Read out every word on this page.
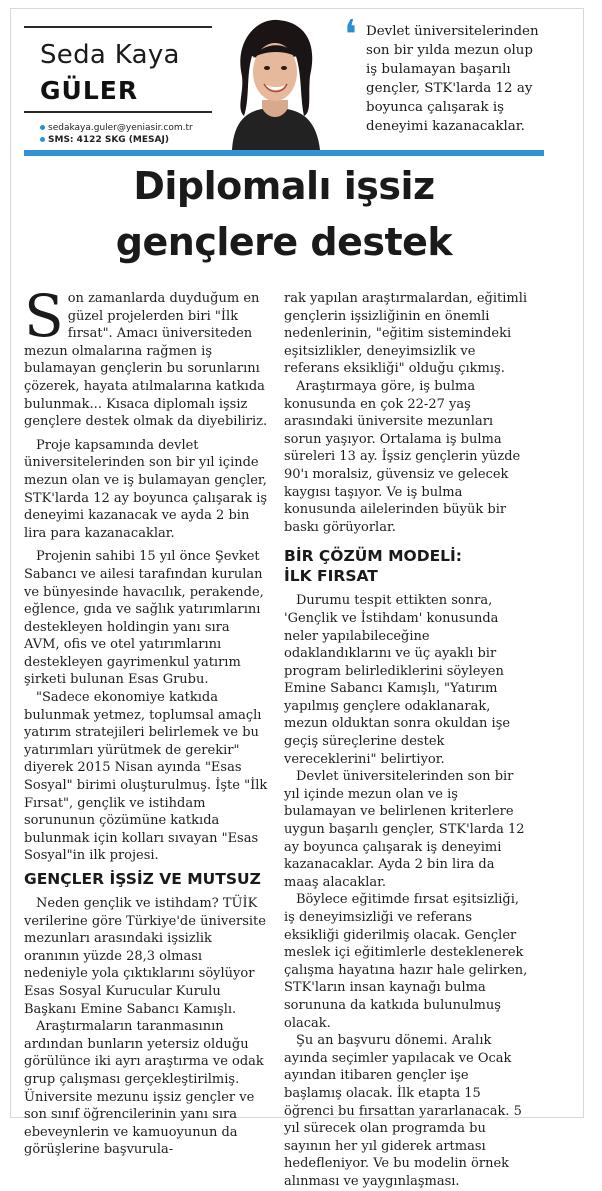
Seda Kaya
GÜLER
sedakaya.guler@yeniasir.com.tr
SMS: 4122 SKG (MESAJ)
❛ Devlet üniversitelerinden son bir yılda mezun olup iş bulamayan başarılı gençler, STK'larda 12 ay boyunca çalışarak iş deneyimi kazanacaklar.
Diplomalı işsiz
gençlere destek
S on zamanlarda duyduğum en güzel projelerden biri "İlk fırsat". Amacı üniversiteden mezun olmalarına rağmen iş bulamayan gençlerin bu sorunlarını çözerek, hayata atılmalarına katkıda bulunmak... Kısaca diplomalı işsiz gençlere destek olmak da diyebiliriz.

Proje kapsamında devlet üniversitelerinden son bir yıl içinde mezun olan ve iş bulamayan gençler, STK'larda 12 ay boyunca çalışarak iş deneyimi kazanacak ve ayda 2 bin lira para kazanacaklar.

Projenin sahibi 15 yıl önce Şevket Sabancı ve ailesi tarafından kurulan ve bünyesinde havacılık, perakende, eğlence, gıda ve sağlık yatırımlarını destekleyen holdingin yanı sıra AVM, ofis ve otel yatırımlarını destekleyen gayrimenkul yatırım şirketi bulunan Esas Grubu.

"Sadece ekonomiye katkıda bulunmak yetmez, toplumsal amaçlı yatırım stratejileri belirlemek ve bu yatırımları yürütmek de gerekir" diyerek 2015 Nisan ayında "Esas Sosyal" birimi oluşturulmuş. İşte "İlk Fırsat", gençlik ve istihdam sorununun çözümüne katkıda bulunmak için kolları sıvayan "Esas Sosyal"in ilk projesi.

GENÇLER İŞSİZ VE MUTSUZ

Neden gençlik ve istihdam? TÜİK verilerine göre Türkiye'de üniversite mezunları arasındaki işsizlik oranının yüzde 28,3 olması nedeniyle yola çıktıklarını söylüyor Esas Sosyal Kurucular Kurulu Başkanı Emine Sabancı Kamışlı.

Araştırmaların taranmasının ardından bunların yetersiz olduğu görülünce iki ayrı araştırma ve odak grup çalışması gerçekleştirilmiş. Üniversite mezunu işsiz gençler ve son sınıf öğrencilerinin yanı sıra ebeveynlerin ve kamuoyunun da görüşlerine başvurula-

rak yapılan araştırmalardan, eğitimli gençlerin işsizliğinin en önemli nedenlerinin, "eğitim sistemindeki eşitsizlikler, deneyimsizlik ve referans eksikliği" olduğu çıkmış.

Araştırmaya göre, iş bulma konusunda en çok 22-27 yaş arasındaki üniversite mezunları sorun yaşıyor. Ortalama iş bulma süreleri 13 ay. İşsiz gençlerin yüzde 90'ı moralsiz, güvensiz ve gelecek kaygısı taşıyor. Ve iş bulma konusunda ailelerinden büyük bir baskı görüyorlar.

BİR ÇÖZÜM MODELİ:
İLK FIRSAT

Durumu tespit ettikten sonra, 'Gençlik ve İstihdam' konusunda neler yapılabileceğine odaklandıklarını ve üç ayaklı bir program belirlediklerini söyleyen Emine Sabancı Kamışlı, "Yatırım yapılmış gençlere odaklanarak, mezun olduktan sonra okuldan işe geçiş süreçlerine destek vereceklerini" belirtiyor.

Devlet üniversitelerinden son bir yıl içinde mezun olan ve iş bulamayan ve belirlenen kriterlere uygun başarılı gençler, STK'larda 12 ay boyunca çalışarak iş deneyimi kazanacaklar. Ayda 2 bin lira da maaş alacaklar.

Böylece eğitimde fırsat eşitsizliği, iş deneyimsizliği ve referans eksikliği giderilmiş olacak. Gençler meslek içi eğitimlerle desteklenerek çalışma hayatına hazır hale gelirken, STK'ların insan kaynağı bulma sorununa da katkıda bulunulmuş olacak.

Şu an başvuru dönemi. Aralık ayında seçimler yapılacak ve Ocak ayından itibaren gençler işe başlamış olacak. İlk etapta 15 öğrenci bu fırsattan yararlanacak. 5 yıl sürecek olan programda bu sayının her yıl giderek artması hedefleniyor. Ve bu modelin örnek alınması ve yaygınlaşması.
